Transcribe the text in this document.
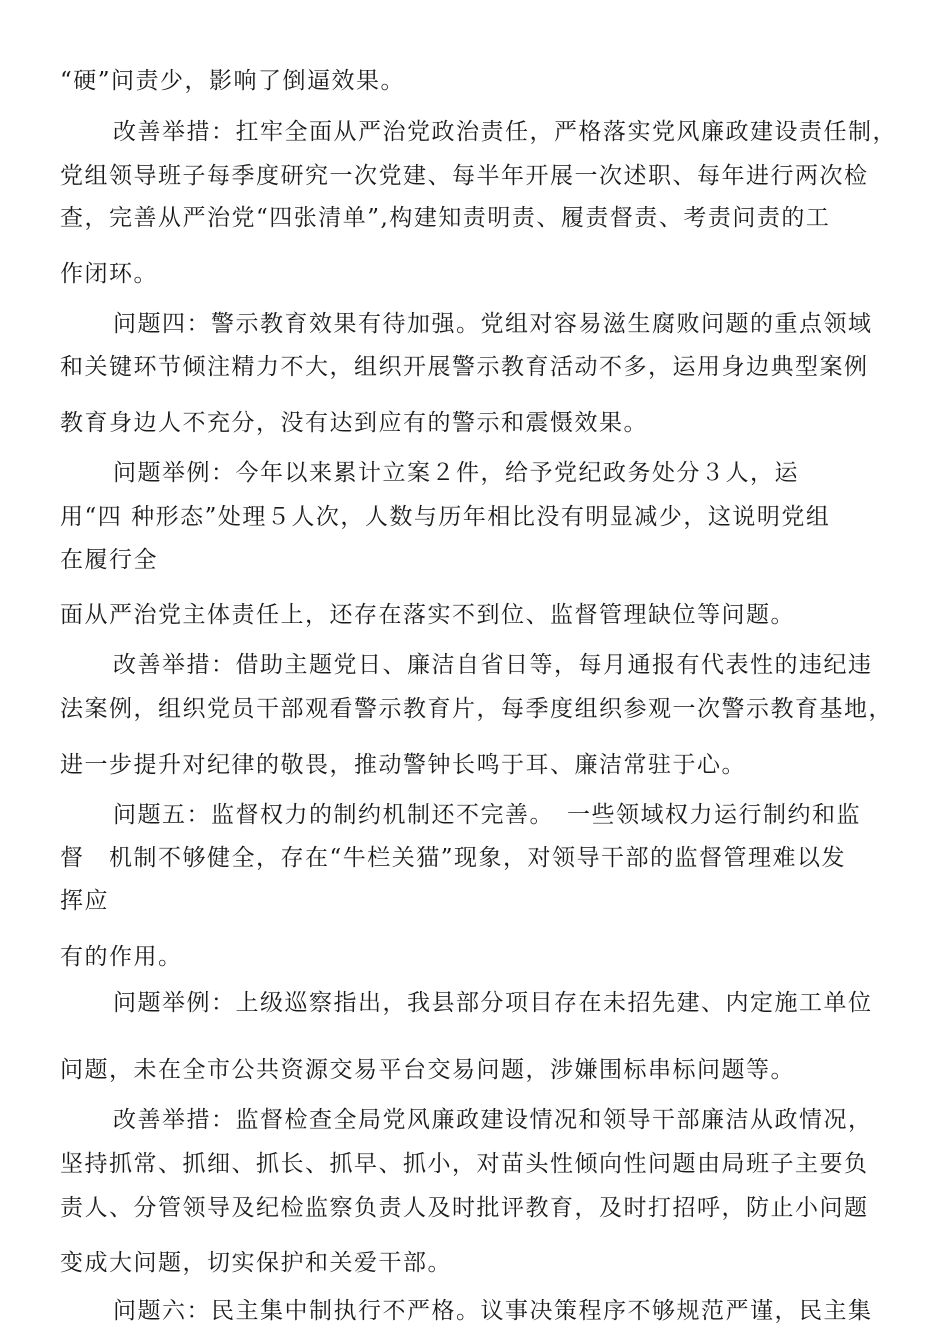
“硬”问责少，影响了倒逼效果。
改善举措：扛牢全面从严治党政治责任，严格落实党风廉政建设责任制，
党组领导班子每季度研究一次党建、每半年开展一次述职、每年进行两次检
查，完善从严治党“四张清单”,构建知责明责、履责督责、考责问责的工
作闭环。
问题四：警示教育效果有待加强。党组对容易滋生腐败问题的重点领域
和关键环节倾注精力不大，组织开展警示教育活动不多，运用身边典型案例
教育身边人不充分，没有达到应有的警示和震慑效果。
问题举例：今年以来累计立案２件，给予党纪政务处分３人，运
用“四 种形态”处理５人次，人数与历年相比没有明显减少，这说明党组
在履行全
面从严治党主体责任上，还存在落实不到位、监督管理缺位等问题。
改善举措：借助主题党日、廉洁自省日等，每月通报有代表性的违纪违
法案例，组织党员干部观看警示教育片，每季度组织参观一次警示教育基地，
进一步提升对纪律的敬畏，推动警钟长鸣于耳、廉洁常驻于心。
问题五：监督权力的制约机制还不完善。　一些领域权力运行制约和监
督　机制不够健全，存在“牛栏关猫”现象，对领导干部的监督管理难以发
挥应
有的作用。
问题举例：上级巡察指出，我县部分项目存在未招先建、内定施工单位
问题，未在全市公共资源交易平台交易问题，涉嫌围标串标问题等。
改善举措：监督检查全局党风廉政建设情况和领导干部廉洁从政情况，
坚持抓常、抓细、抓长、抓早、抓小，对苗头性倾向性问题由局班子主要负
责人、分管领导及纪检监察负责人及时批评教育，及时打招呼，防止小问题
变成大问题，切实保护和关爱干部。
问题六：民主集中制执行不严格。议事决策程序不够规范严谨，民主集
